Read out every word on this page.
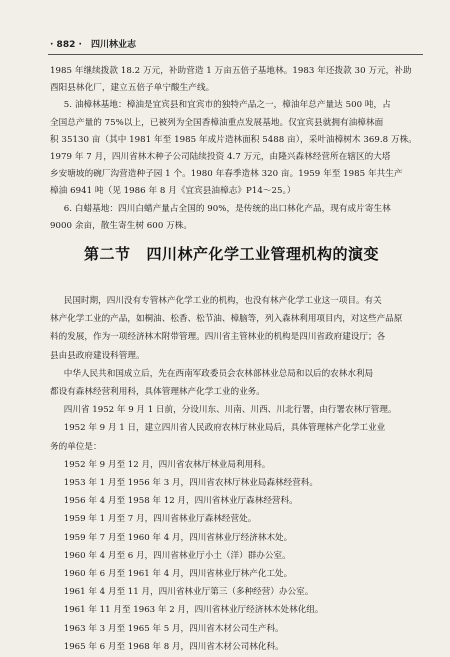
· 882 · 四川林业志

1985 年继续拨款 18.2 万元，补助营造 1 万亩五倍子基地林。1983 年还拨款 30 万元，补助

酉阳县林化厂，建立五倍子单宁酸生产线。

5. 油樟林基地：樟油是宜宾县和宜宾市的独特产品之一，樟油年总产量达 500 吨，占

全国总产量的 75%以上，已被列为全国香樟油重点发展基地。仅宜宾县就拥有油樟林面

积 35130 亩（其中 1981 年至 1985 年成片造林面积 5488 亩），采叶油樟树木 369.8 万株。

1979 年 7 月，四川省林木种子公司陆续投资 4.7 万元，由隆兴森林经营所在辖区的大塔

乡安塘坡的碗厂沟营造种子园 1 个。1980 年春季造林 320 亩。1959 年至 1985 年共生产

樟油 6941 吨（见 1986 年 8 月《宜宾县油樟志》P14～25。）

6. 白蜡基地：四川白蜡产量占全国的 90%，是传统的出口林化产品，现有成片寄生林

9000 余亩，散生寄生树 600 万株。

第二节 四川林产化学工业管理机构的演变

民国时期，四川没有专管林产化学工业的机构，也没有林产化学工业这一项目。有关

林产化学工业的产品，如桐油、松香、松节油、樟脑等，列入森林利用项目内，对这些产品原

料的发展，作为一项经济林木附带管理。四川省主管林业的机构是四川省政府建设厅；各

县由县政府建设科管理。

中华人民共和国成立后，先在西南军政委员会农林部林业总局和以后的农林水利局

都设有森林经营利用科，具体管理林产化学工业的业务。

四川省 1952 年 9 月 1 日前，分设川东、川南、川西、川北行署，由行署农林厅管理。

1952 年 9 月 1 日，建立四川省人民政府农林厅林业局后，具体管理林产化学工业业

务的单位是：

1952 年 9 月至 12 月，四川省农林厅林业局利用科。

1953 年 1 月至 1956 年 3 月，四川省农林厅林业局森林经营科。

1956 年 4 月至 1958 年 12 月，四川省林业厅森林经营科。

1959 年 1 月至 7 月，四川省林业厅森林经营处。

1959 年 7 月至 1960 年 4 月，四川省林业厅经济林木处。

1960 年 4 月至 6 月，四川省林业厅小土（洋）群办公室。

1960 年 6 月至 1961 年 4 月，四川省林业厅林产化工处。

1961 年 4 月至 11 月，四川省林业厅第三（多种经营）办公室。

1961 年 11 月至 1963 年 2 月，四川省林业厅经济林木处林化组。

1963 年 3 月至 1965 年 5 月，四川省木材公司生产科。

1965 年 6 月至 1968 年 8 月，四川省木材公司林化科。
